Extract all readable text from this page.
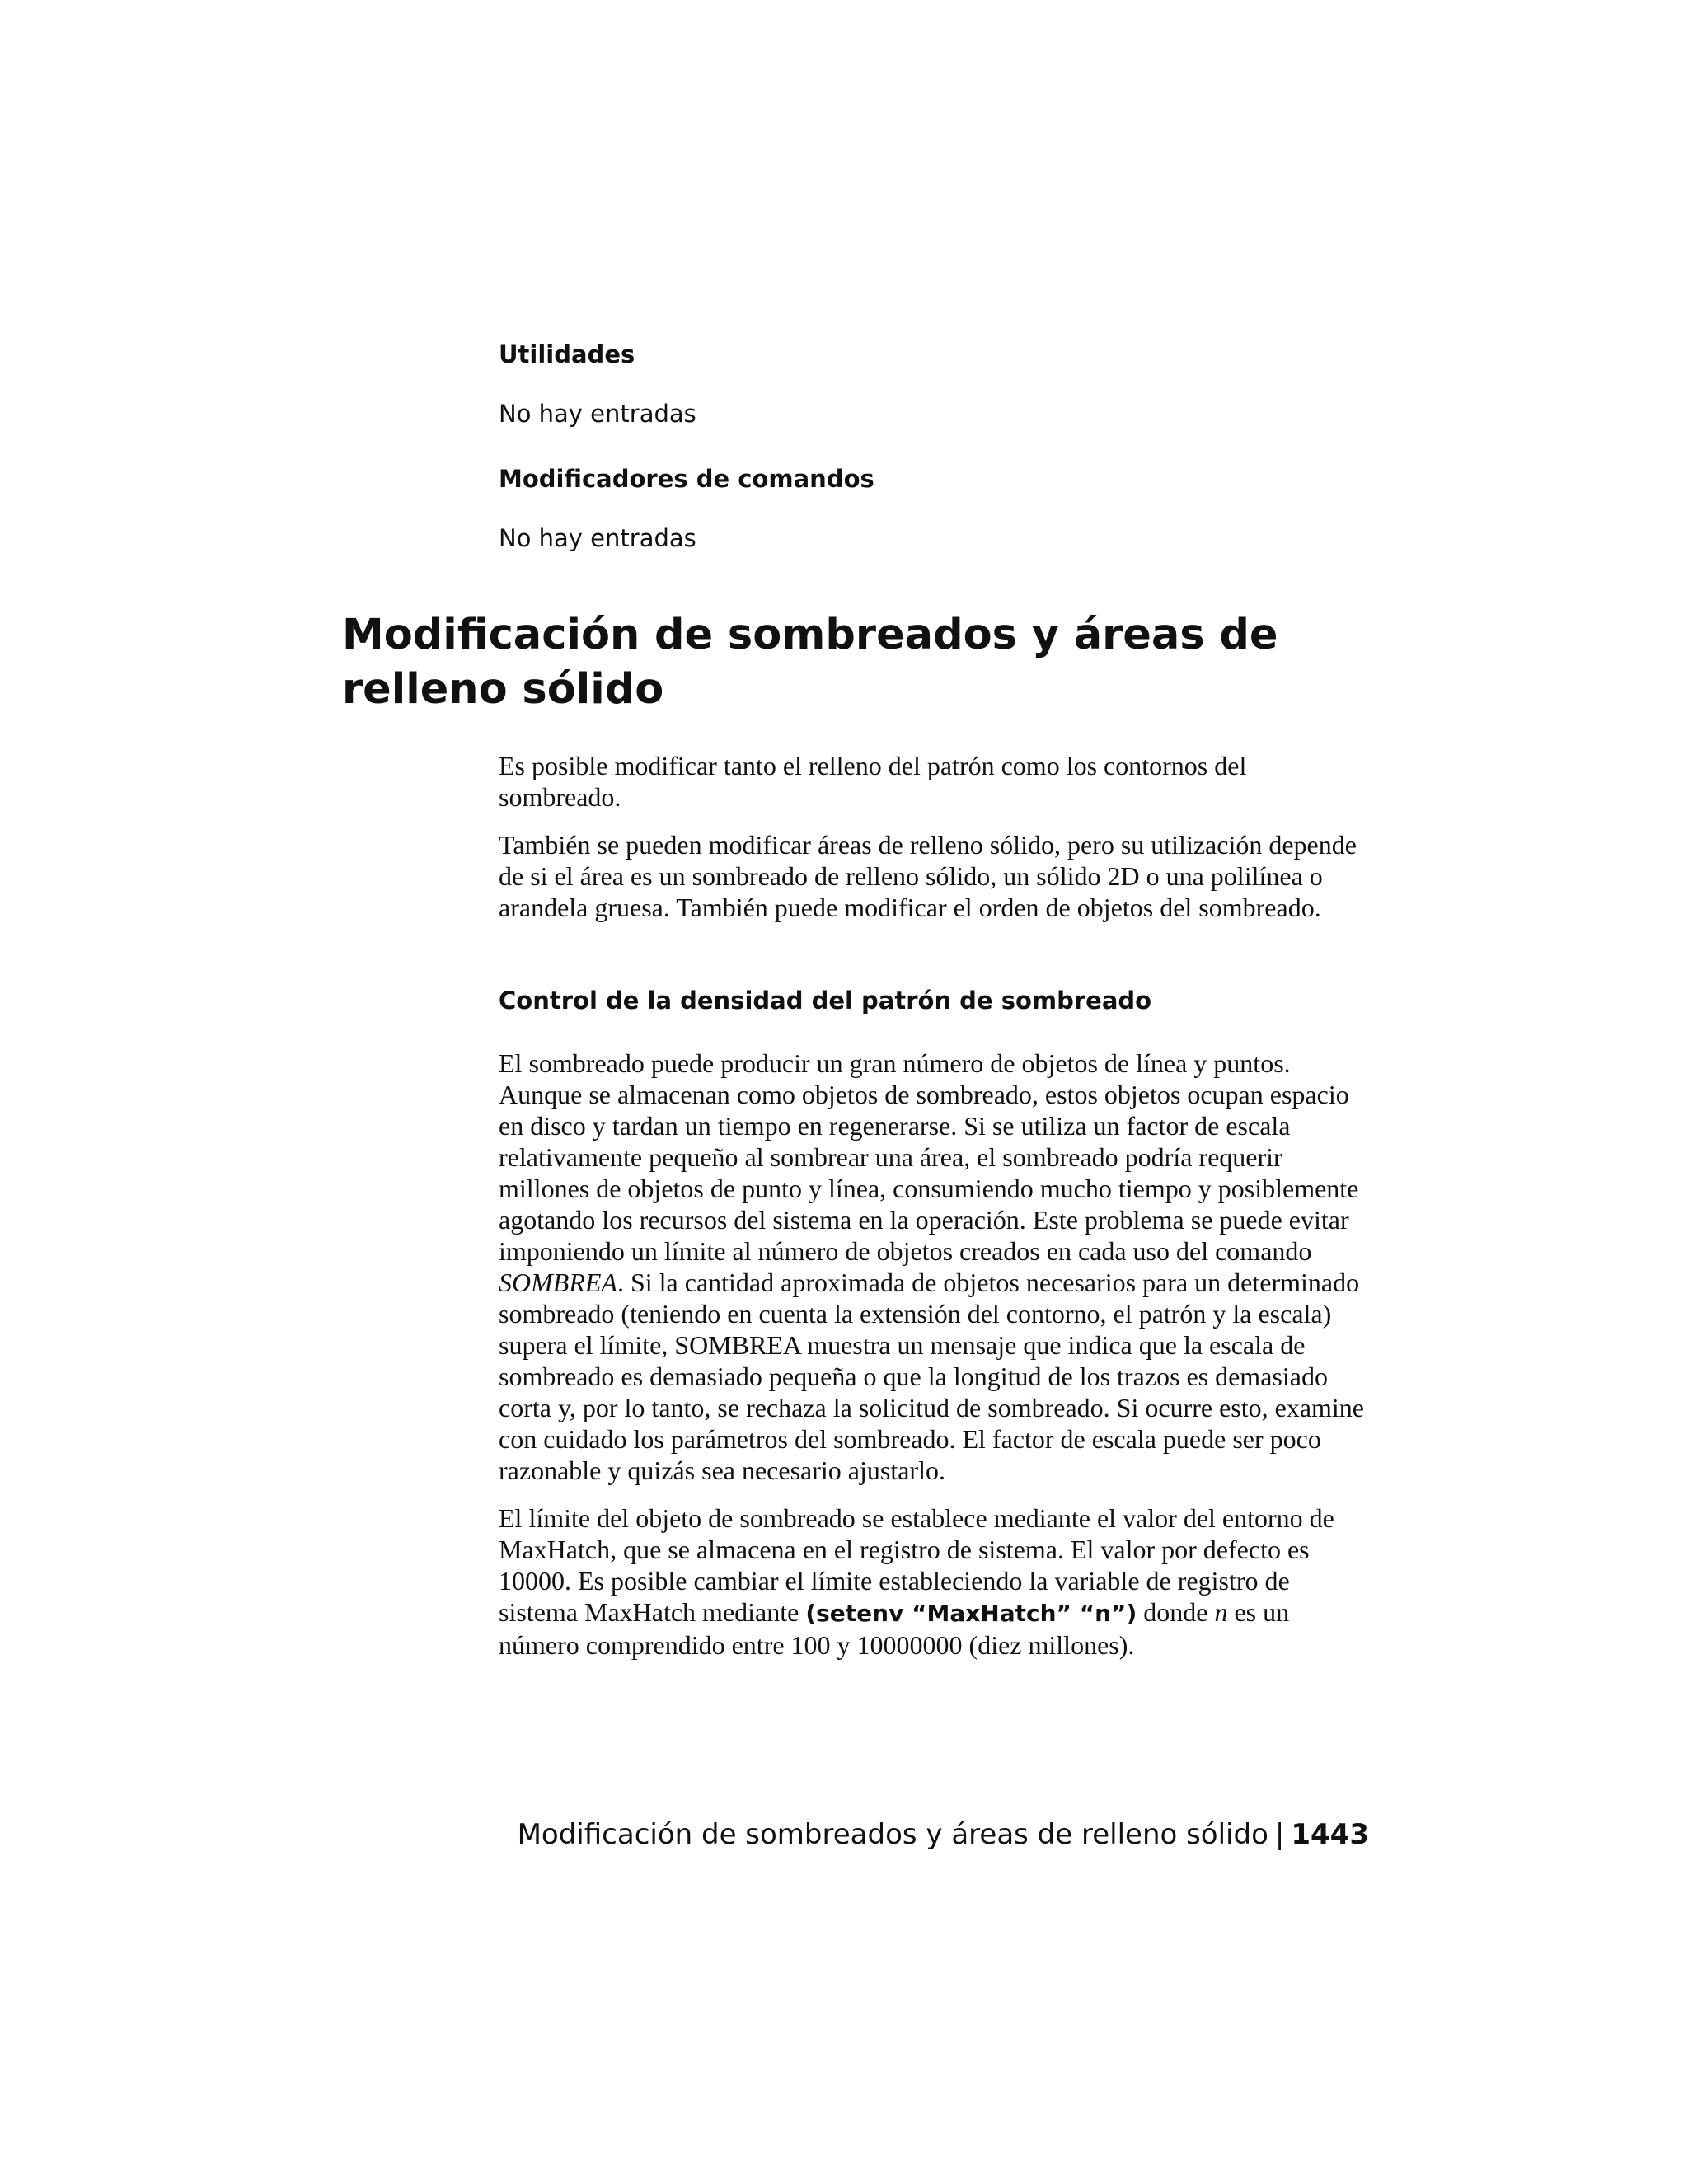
Utilidades
No hay entradas
Modificadores de comandos
No hay entradas
Modificación de sombreados y áreas de relleno sólido

Es posible modificar tanto el relleno del patrón como los contornos del sombreado.

También se pueden modificar áreas de relleno sólido, pero su utilización depende de si el área es un sombreado de relleno sólido, un sólido 2D o una polilínea o arandela gruesa. También puede modificar el orden de objetos del sombreado.

Control de la densidad del patrón de sombreado

El sombreado puede producir un gran número de objetos de línea y puntos. Aunque se almacenan como objetos de sombreado, estos objetos ocupan espacio en disco y tardan un tiempo en regenerarse. Si se utiliza un factor de escala relativamente pequeño al sombrear una área, el sombreado podría requerir millones de objetos de punto y línea, consumiendo mucho tiempo y posiblemente agotando los recursos del sistema en la operación. Este problema se puede evitar imponiendo un límite al número de objetos creados en cada uso del comando SOMBREA. Si la cantidad aproximada de objetos necesarios para un determinado sombreado (teniendo en cuenta la extensión del contorno, el patrón y la escala) supera el límite, SOMBREA muestra un mensaje que indica que la escala de sombreado es demasiado pequeña o que la longitud de los trazos es demasiado corta y, por lo tanto, se rechaza la solicitud de sombreado. Si ocurre esto, examine con cuidado los parámetros del sombreado. El factor de escala puede ser poco razonable y quizás sea necesario ajustarlo.

El límite del objeto de sombreado se establece mediante el valor del entorno de MaxHatch, que se almacena en el registro de sistema. El valor por defecto es 10000. Es posible cambiar el límite estableciendo la variable de registro de sistema MaxHatch mediante (setenv “MaxHatch” “n”) donde n es un número comprendido entre 100 y 10000000 (diez millones).

Modificación de sombreados y áreas de relleno sólido | 1443
